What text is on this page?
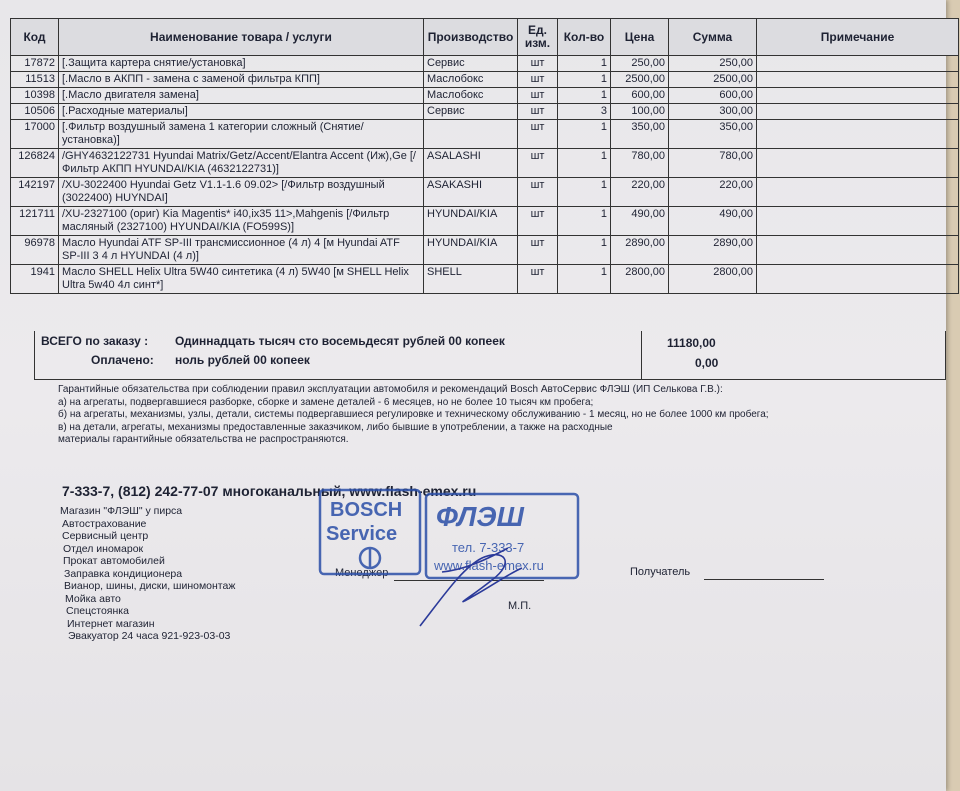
Код	Наименование товара / услуги	Производство	Ед. изм.	Кол-во	Цена	Сумма	Примечание
17872	[.Защита картера снятие/установка]	Сервис	шт	1	250,00	250,00	
11513	[.Масло в АКПП - замена с заменой фильтра КПП]	Маслобокс	шт	1	2500,00	2500,00	
10398	[.Масло двигателя замена]	Маслобокс	шт	1	600,00	600,00	
10506	[.Расходные материалы]	Сервис	шт	3	100,00	300,00	
17000	[.Фильтр воздушный замена 1 категории сложный (Снятие/установка)]		шт	1	350,00	350,00	
126824	/GHY4632122731 Hyundai Matrix/Getz/Accent/Elantra Accent (Иж),Ge [/Фильтр АКПП HYUNDAI/KIA (4632122731)]	ASALASHI	шт	1	780,00	780,00	
142197	/XU-3022400 Hyundai Getz V1.1-1.6 09.02> [/Фильтр воздушный (3022400) HUYNDAI]	ASAKASHI	шт	1	220,00	220,00	
121711	/XU-2327100 (ориг) Kia Magentis* i40,ix35 11>,Mahgenis [/Фильтр масляный (2327100) HYUNDAI/KIA (FO599S)]	HYUNDAI/KIA	шт	1	490,00	490,00	
96978	Масло Hyundai ATF SP-III трансмиссионное (4 л) 4 [м Hyundai ATF SP-III 3 4 л HYUNDAI (4 л)]	HYUNDAI/KIA	шт	1	2890,00	2890,00	
1941	Масло SHELL Helix Ultra 5W40 синтетика (4 л) 5W40 [м SHELL Helix Ultra 5w40 4л синт*]	SHELL	шт	1	2800,00	2800,00	
ВСЕГО по заказу : Одиннадцать тысяч сто восемьдесят рублей 00 копеек	11180,00
Оплачено: ноль рублей 00 копеек	0,00
Гарантийные обязательства при соблюдении правил эксплуатации автомобиля и рекомендаций Bosch АвтоСервис ФЛЭШ (ИП Селькова Г.В.):
а) на агрегаты, подвергавшиеся разборке, сборке и замене деталей - 6 месяцев, но не более 10 тысяч км пробега;
б) на агрегаты, механизмы, узлы, детали, системы подвергавшиеся регулировке и техническому обслуживанию - 1 месяц, но не более 1000 км пробега;
в) на детали, агрегаты, механизмы предоставленные заказчиком, либо бывшие в употреблении, а также на расходные
материалы гарантийные обязательства не распространяются.
7-333-7, (812) 242-77-07 многоканальный, www.flash-emex.ru
Магазин "ФЛЭШ" у пирса
Автострахование
Сервисный центр
Отдел иномарок
Прокат автомобилей
Заправка кондиционера
Вианор, шины, диски, шиномонтаж
Мойка авто
Спецстоянка
Интернет магазин
Эвакуатор 24 часа 921-923-03-03
Менеджер
М.П.
Получатель
BOSCH
Service
ФЛЭШ
тел. 7-333-7
www.flash-emex.ru
